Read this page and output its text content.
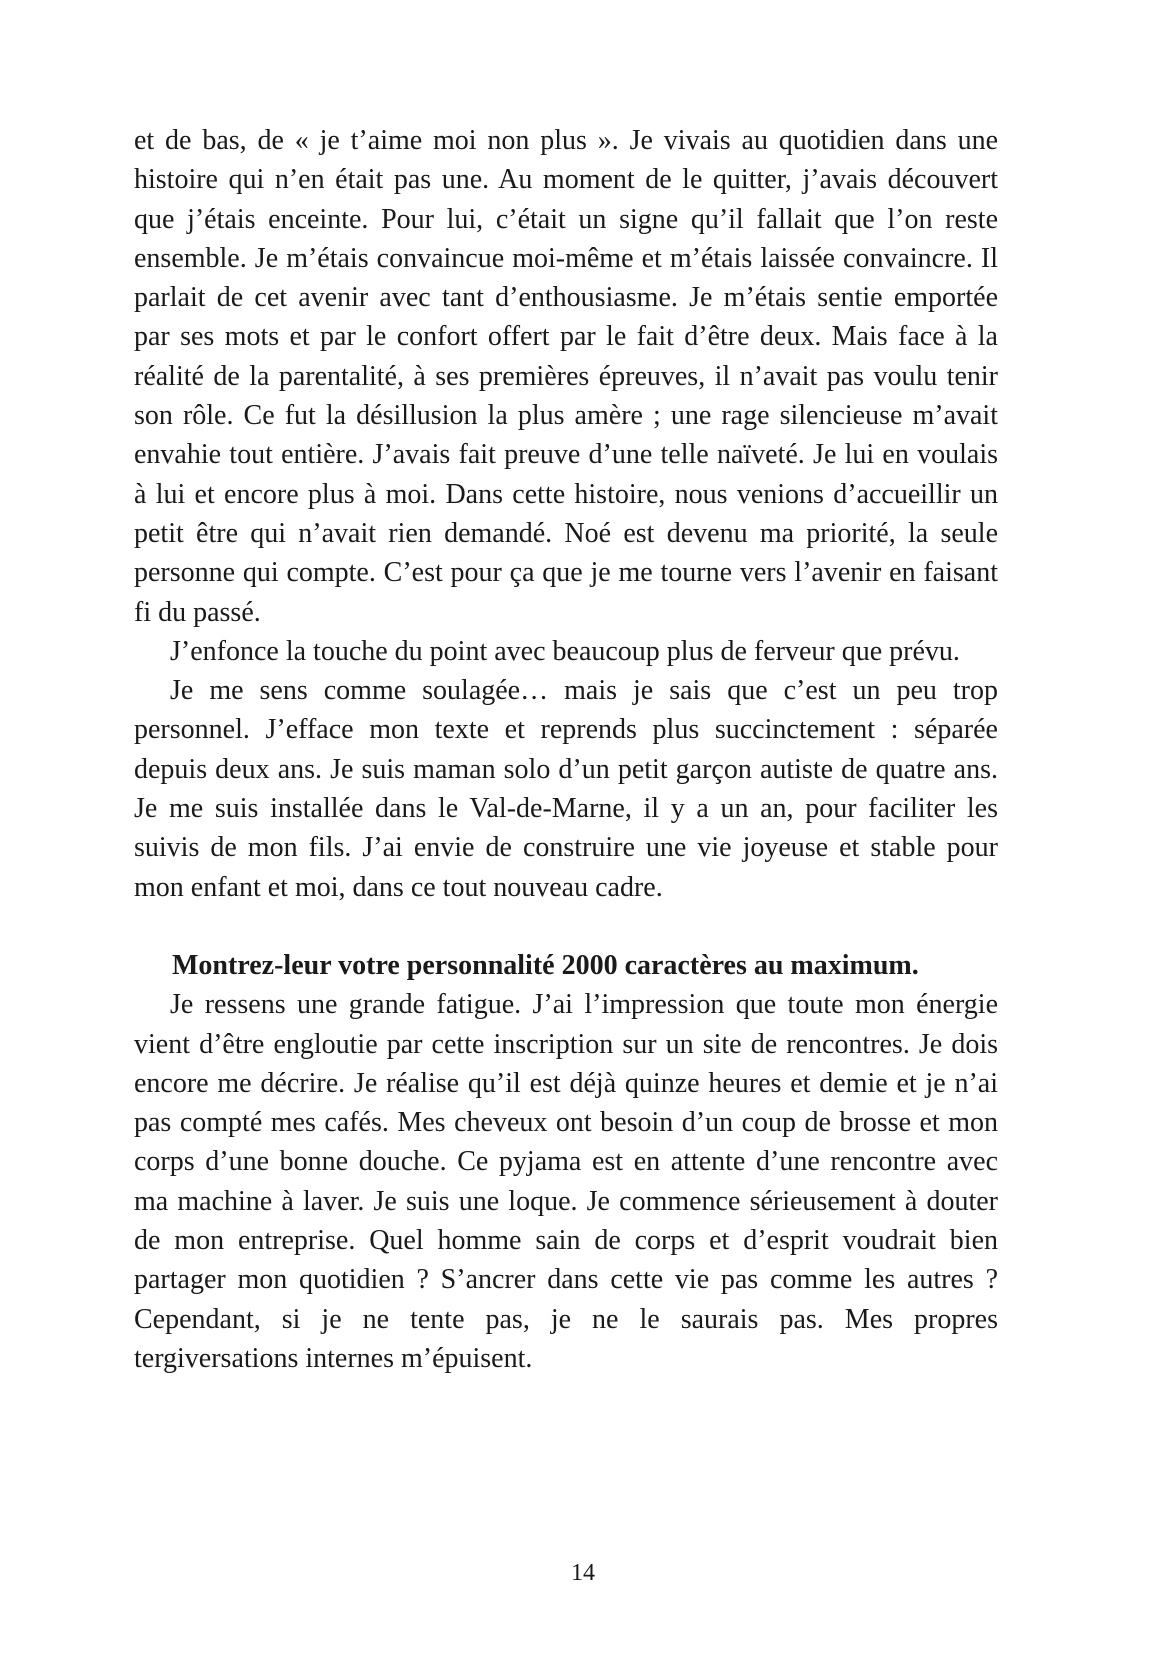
et de bas, de « je t’aime moi non plus ». Je vivais au quotidien dans une histoire qui n’en était pas une. Au moment de le quitter, j’avais découvert que j’étais enceinte. Pour lui, c’était un signe qu’il fallait que l’on reste ensemble. Je m’étais convaincue moi-même et m’étais laissée convaincre. Il parlait de cet avenir avec tant d’enthousiasme. Je m’étais sentie emportée par ses mots et par le confort offert par le fait d’être deux. Mais face à la réalité de la parentalité, à ses premières épreuves, il n’avait pas voulu tenir son rôle. Ce fut la désillusion la plus amère ; une rage silencieuse m’avait envahie tout entière. J’avais fait preuve d’une telle naïveté. Je lui en voulais à lui et encore plus à moi. Dans cette histoire, nous venions d’accueillir un petit être qui n’avait rien demandé. Noé est devenu ma priorité, la seule personne qui compte. C’est pour ça que je me tourne vers l’avenir en faisant fi du passé.

J’enfonce la touche du point avec beaucoup plus de ferveur que prévu.

Je me sens comme soulagée… mais je sais que c’est un peu trop personnel. J’efface mon texte et reprends plus succinctement : séparée depuis deux ans. Je suis maman solo d’un petit garçon autiste de quatre ans. Je me suis installée dans le Val-de-Marne, il y a un an, pour faciliter les suivis de mon fils. J’ai envie de construire une vie joyeuse et stable pour mon enfant et moi, dans ce tout nouveau cadre.

Montrez-leur votre personnalité 2000 caractères au maximum.

Je ressens une grande fatigue. J’ai l’impression que toute mon énergie vient d’être engloutie par cette inscription sur un site de rencontres. Je dois encore me décrire. Je réalise qu’il est déjà quinze heures et demie et je n’ai pas compté mes cafés. Mes cheveux ont besoin d’un coup de brosse et mon corps d’une bonne douche. Ce pyjama est en attente d’une rencontre avec ma machine à laver. Je suis une loque. Je commence sérieusement à douter de mon entreprise. Quel homme sain de corps et d’esprit voudrait bien partager mon quotidien ? S’ancrer dans cette vie pas comme les autres ? Cependant, si je ne tente pas, je ne le saurais pas. Mes propres tergiversations internes m’épuisent.

14
